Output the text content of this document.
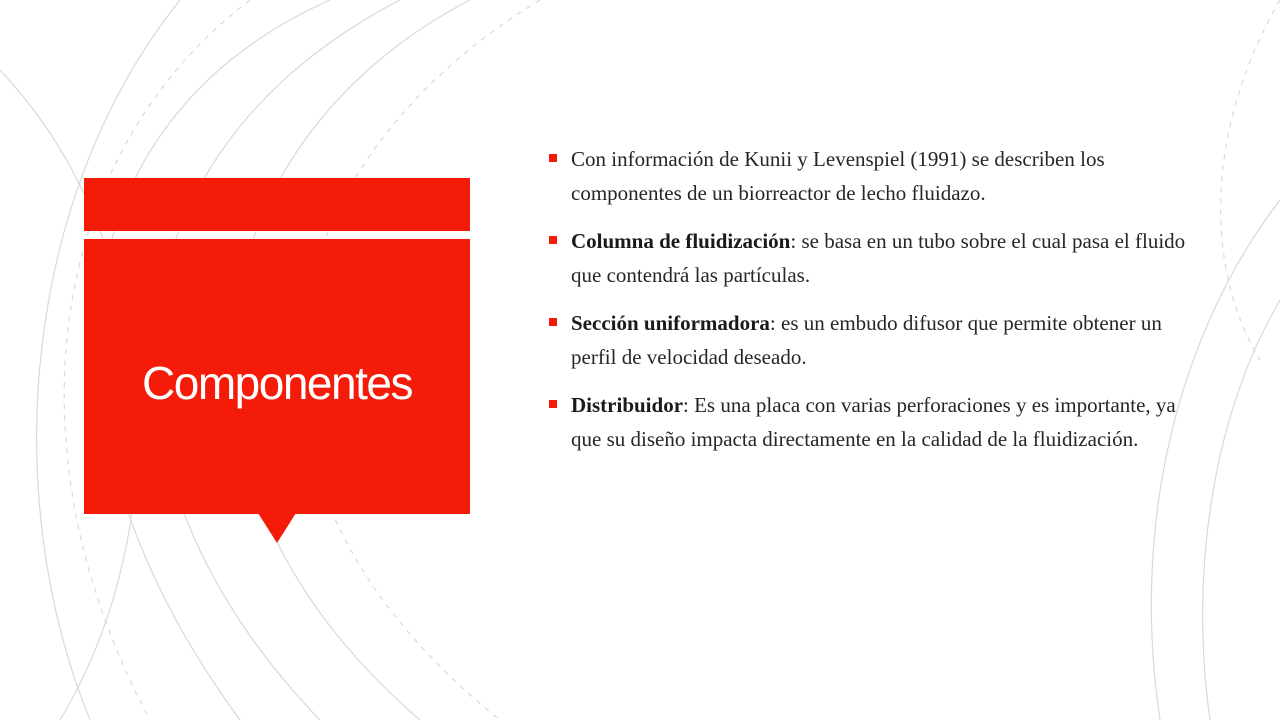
Componentes
Con información de Kunii y Levenspiel (1991) se describen los componentes de un biorreactor de lecho fluidazo.
Columna de fluidización: se basa en un tubo sobre el cual pasa el fluido que contendrá las partículas.
Sección uniformadora: es un embudo difusor que permite obtener un perfil de velocidad deseado.
Distribuidor: Es una placa con varias perforaciones y es importante, ya que su diseño impacta directamente en la calidad de la fluidización.
